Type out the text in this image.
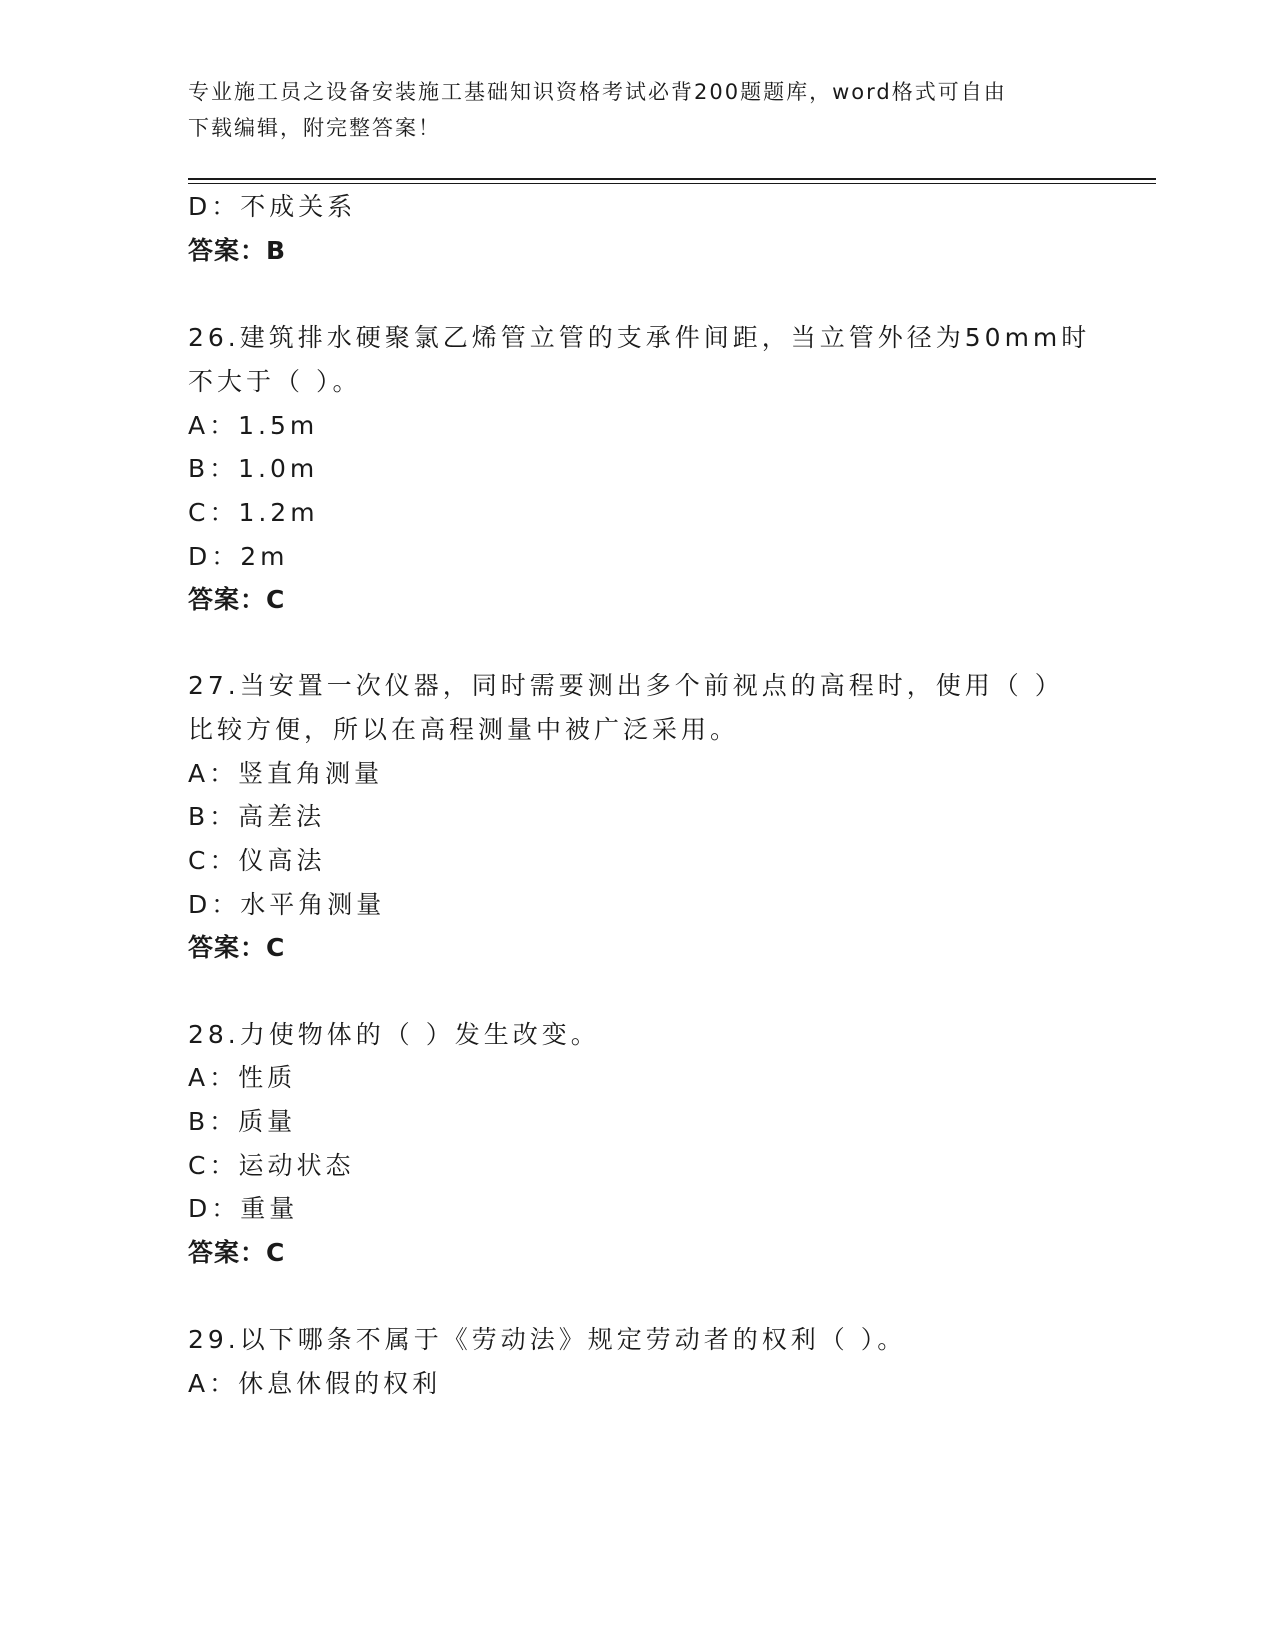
专业施工员之设备安装施工基础知识资格考试必背200题题库，word格式可自由
下载编辑，附完整答案！
D：不成关系
答案：B
26.建筑排水硬聚氯乙烯管立管的支承件间距，当立管外径为50mm时
不大于（ ）。
A：1.5m
B：1.0m
C：1.2m
D：2m
答案：C
27.当安置一次仪器，同时需要测出多个前视点的高程时，使用（ ）
比较方便，所以在高程测量中被广泛采用。
A：竖直角测量
B：高差法
C：仪高法
D：水平角测量
答案：C
28.力使物体的（ ）发生改变。
A：性质
B：质量
C：运动状态
D：重量
答案：C
29.以下哪条不属于《劳动法》规定劳动者的权利（ ）。
A：休息休假的权利
